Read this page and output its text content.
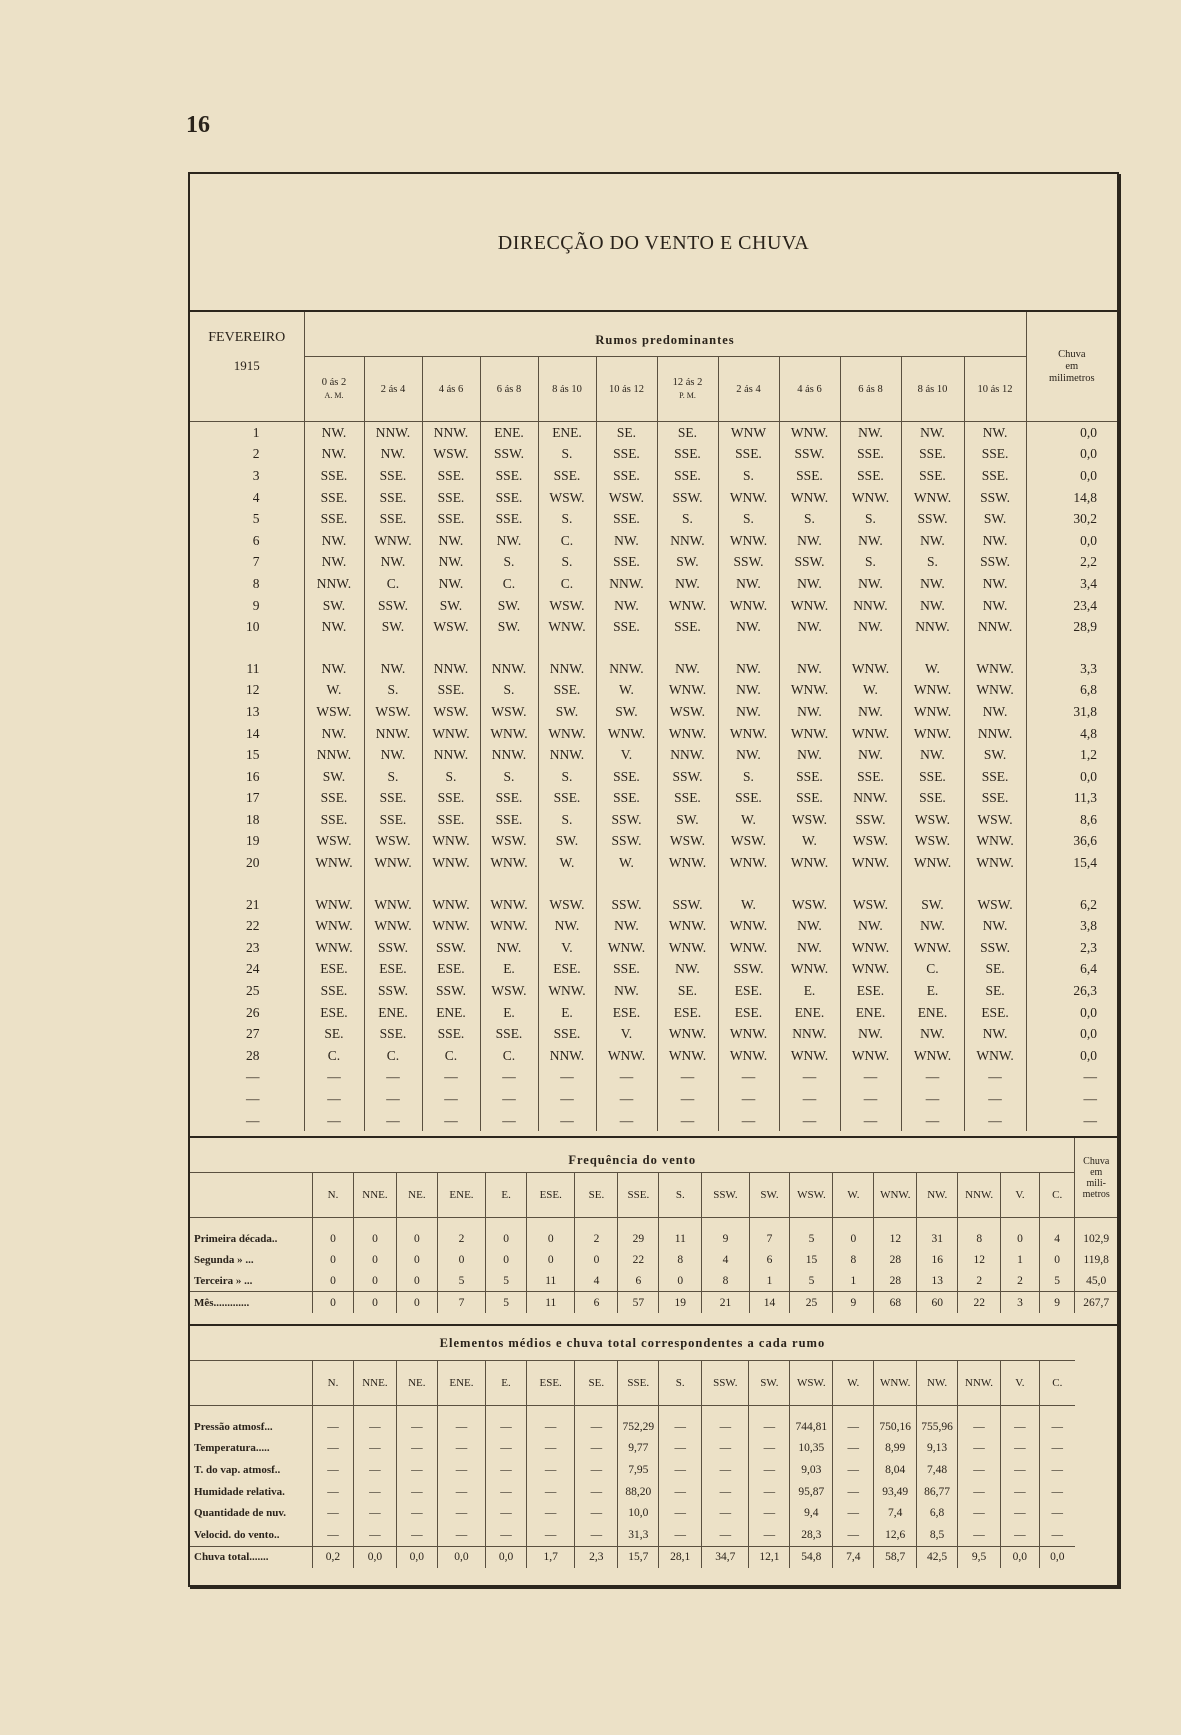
16
DIRECÇÃO DO VENTO E CHUVA
FEVEREIRO
1915	Rumos predominantes												Chuva
em
milimetros
	0 ás 2
A. M.	2 ás 4	4 ás 6	6 ás 8	8 ás 10	10 ás 12	12 ás 2
P. M.	2 ás 4	4 ás 6	6 ás 8	8 ás 10	10 ás 12	
1	NW.	NNW.	NNW.	ENE.	ENE.	SE.	SE.	WNW	WNW.	NW.	NW.	NW.	0,0
2	NW.	NW.	WSW.	SSW.	S.	SSE.	SSE.	SSE.	SSW.	SSE.	SSE.	SSE.	0,0
3	SSE.	SSE.	SSE.	SSE.	SSE.	SSE.	SSE.	S.	SSE.	SSE.	SSE.	SSE.	0,0
4	SSE.	SSE.	SSE.	SSE.	WSW.	WSW.	SSW.	WNW.	WNW.	WNW.	WNW.	SSW.	14,8
5	SSE.	SSE.	SSE.	SSE.	S.	SSE.	S.	S.	S.	S.	SSW.	SW.	30,2
6	NW.	WNW.	NW.	NW.	C.	NW.	NNW.	WNW.	NW.	NW.	NW.	NW.	0,0
7	NW.	NW.	NW.	S.	S.	SSE.	SW.	SSW.	SSW.	S.	S.	SSW.	2,2
8	NNW.	C.	NW.	C.	C.	NNW.	NW.	NW.	NW.	NW.	NW.	NW.	3,4
9	SW.	SSW.	SW.	SW.	WSW.	NW.	WNW.	WNW.	WNW.	NNW.	NW.	NW.	23,4
10	NW.	SW.	WSW.	SW.	WNW.	SSE.	SSE.	NW.	NW.	NW.	NNW.	NNW.	28,9

11	NW.	NW.	NNW.	NNW.	NNW.	NNW.	NW.	NW.	NW.	WNW.	W.	WNW.	3,3
12	W.	S.	SSE.	S.	SSE.	W.	WNW.	NW.	WNW.	W.	WNW.	WNW.	6,8
13	WSW.	WSW.	WSW.	WSW.	SW.	SW.	WSW.	NW.	NW.	NW.	WNW.	NW.	31,8
14	NW.	NNW.	WNW.	WNW.	WNW.	WNW.	WNW.	WNW.	WNW.	WNW.	WNW.	NNW.	4,8
15	NNW.	NW.	NNW.	NNW.	NNW.	V.	NNW.	NW.	NW.	NW.	NW.	SW.	1,2
16	SW.	S.	S.	S.	S.	SSE.	SSW.	S.	SSE.	SSE.	SSE.	SSE.	0,0
17	SSE.	SSE.	SSE.	SSE.	SSE.	SSE.	SSE.	SSE.	SSE.	NNW.	SSE.	SSE.	11,3
18	SSE.	SSE.	SSE.	SSE.	S.	SSW.	SW.	W.	WSW.	SSW.	WSW.	WSW.	8,6
19	WSW.	WSW.	WNW.	WSW.	SW.	SSW.	WSW.	WSW.	W.	WSW.	WSW.	WNW.	36,6
20	WNW.	WNW.	WNW.	WNW.	W.	W.	WNW.	WNW.	WNW.	WNW.	WNW.	WNW.	15,4

21	WNW.	WNW.	WNW.	WNW.	WSW.	SSW.	SSW.	W.	WSW.	WSW.	SW.	WSW.	6,2
22	WNW.	WNW.	WNW.	WNW.	NW.	NW.	WNW.	WNW.	NW.	NW.	NW.	NW.	3,8
23	WNW.	SSW.	SSW.	NW.	V.	WNW.	WNW.	WNW.	NW.	WNW.	WNW.	SSW.	2,3
24	ESE.	ESE.	ESE.	E.	ESE.	SSE.	NW.	SSW.	WNW.	WNW.	C.	SE.	6,4
25	SSE.	SSW.	SSW.	WSW.	WNW.	NW.	SE.	ESE.	E.	ESE.	E.	SE.	26,3
26	ESE.	ENE.	ENE.	E.	E.	ESE.	ESE.	ESE.	ENE.	ENE.	ENE.	ESE.	0,0
27	SE.	SSE.	SSE.	SSE.	SSE.	V.	WNW.	WNW.	NNW.	NW.	NW.	NW.	0,0
28	C.	C.	C.	C.	NNW.	WNW.	WNW.	WNW.	WNW.	WNW.	WNW.	WNW.	0,0
—	—	—	—	—	—	—	—	—	—	—	—	—	—
—	—	—	—	—	—	—	—	—	—	—	—	—	—
—	—	—	—	—	—	—	—	—	—	—	—	—	—
Frequência do vento																			Chuva
em
mili-
metros
	N.	NNE.	NE.	ENE.	E.	ESE.	SE.	SSE.	S.	SSW.	SW.	WSW.	W.	WNW.	NW.	NNW.	V.	C.	
Primeira década..	0	0	0	2	0	0	2	29	11	9	7	5	0	12	31	8	0	4	102,9
Segunda » ...	0	0	0	0	0	0	0	22	8	4	6	15	8	28	16	12	1	0	119,8
Terceira » ...	0	0	0	5	5	11	4	6	0	8	1	5	1	28	13	2	2	5	45,0
Mês.............	0	0	0	7	5	11	6	57	19	21	14	25	9	68	60	22	3	9	267,7
Elementos médios e chuva total correspondentes a cada rumo																		
	N.	NNE.	NE.	ENE.	E.	ESE.	SE.	SSE.	S.	SSW.	SW.	WSW.	W.	WNW.	NW.	NNW.	V.	C.
Pressão atmosf...	—	—	—	—	—	—	—	752,29	—	—	—	744,81	—	750,16	755,96	—	—	—
Temperatura.....	—	—	—	—	—	—	—	9,77	—	—	—	10,35	—	8,99	9,13	—	—	—
T. do vap. atmosf..	—	—	—	—	—	—	—	7,95	—	—	—	9,03	—	8,04	7,48	—	—	—
Humidade relativa.	—	—	—	—	—	—	—	88,20	—	—	—	95,87	—	93,49	86,77	—	—	—
Quantidade de nuv.	—	—	—	—	—	—	—	10,0	—	—	—	9,4	—	7,4	6,8	—	—	—
Velocid. do vento..	—	—	—	—	—	—	—	31,3	—	—	—	28,3	—	12,6	8,5	—	—	—
Chuva total.......	0,2	0,0	0,0	0,0	0,0	1,7	2,3	15,7	28,1	34,7	12,1	54,8	7,4	58,7	42,5	9,5	0,0	0,0
